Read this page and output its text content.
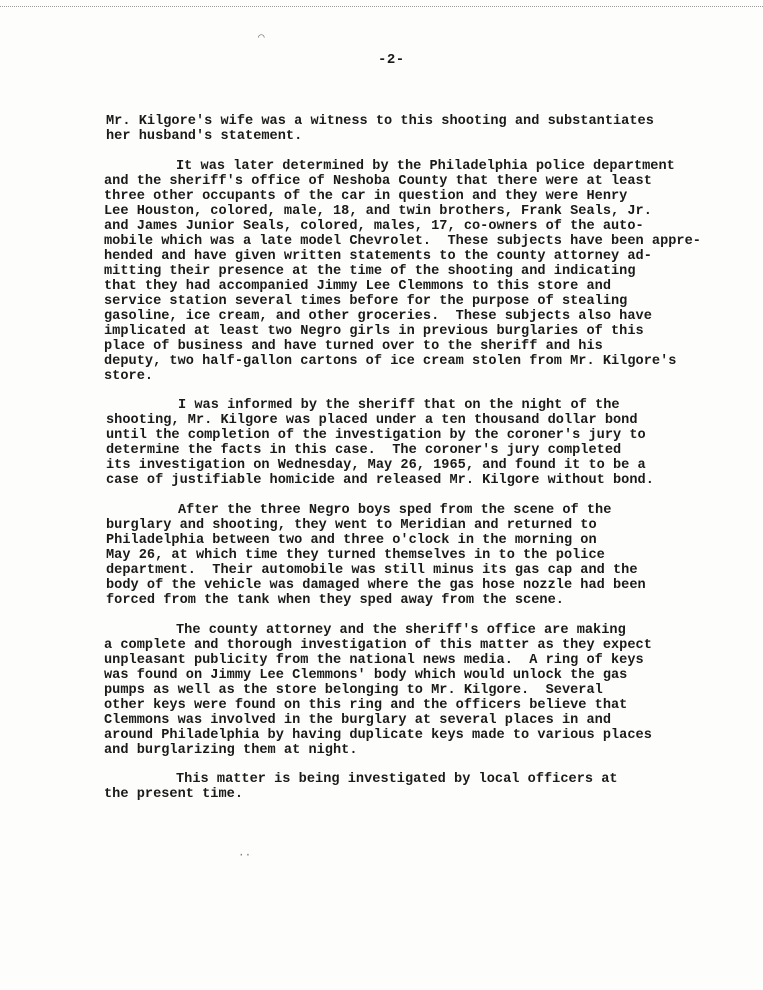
⌒
··
-2-
Mr. Kilgore's wife was a witness to this shooting and substantiates
her husband's statement.
It was later determined by the Philadelphia police department
and the sheriff's office of Neshoba County that there were at least
three other occupants of the car in question and they were Henry
Lee Houston, colored, male, 18, and twin brothers, Frank Seals, Jr.
and James Junior Seals, colored, males, 17, co-owners of the auto-
mobile which was a late model Chevrolet.  These subjects have been appre-
hended and have given written statements to the county attorney ad-
mitting their presence at the time of the shooting and indicating
that they had accompanied Jimmy Lee Clemmons to this store and
service station several times before for the purpose of stealing
gasoline, ice cream, and other groceries.  These subjects also have
implicated at least two Negro girls in previous burglaries of this
place of business and have turned over to the sheriff and his
deputy, two half-gallon cartons of ice cream stolen from Mr. Kilgore's
store.
I was informed by the sheriff that on the night of the
shooting, Mr. Kilgore was placed under a ten thousand dollar bond
until the completion of the investigation by the coroner's jury to
determine the facts in this case.  The coroner's jury completed
its investigation on Wednesday, May 26, 1965, and found it to be a
case of justifiable homicide and released Mr. Kilgore without bond.
After the three Negro boys sped from the scene of the
burglary and shooting, they went to Meridian and returned to
Philadelphia between two and three o'clock in the morning on
May 26, at which time they turned themselves in to the police
department.  Their automobile was still minus its gas cap and the
body of the vehicle was damaged where the gas hose nozzle had been
forced from the tank when they sped away from the scene.
The county attorney and the sheriff's office are making
a complete and thorough investigation of this matter as they expect
unpleasant publicity from the national news media.  A ring of keys
was found on Jimmy Lee Clemmons' body which would unlock the gas
pumps as well as the store belonging to Mr. Kilgore.  Several
other keys were found on this ring and the officers believe that
Clemmons was involved in the burglary at several places in and
around Philadelphia by having duplicate keys made to various places
and burglarizing them at night.
This matter is being investigated by local officers at
the present time.
